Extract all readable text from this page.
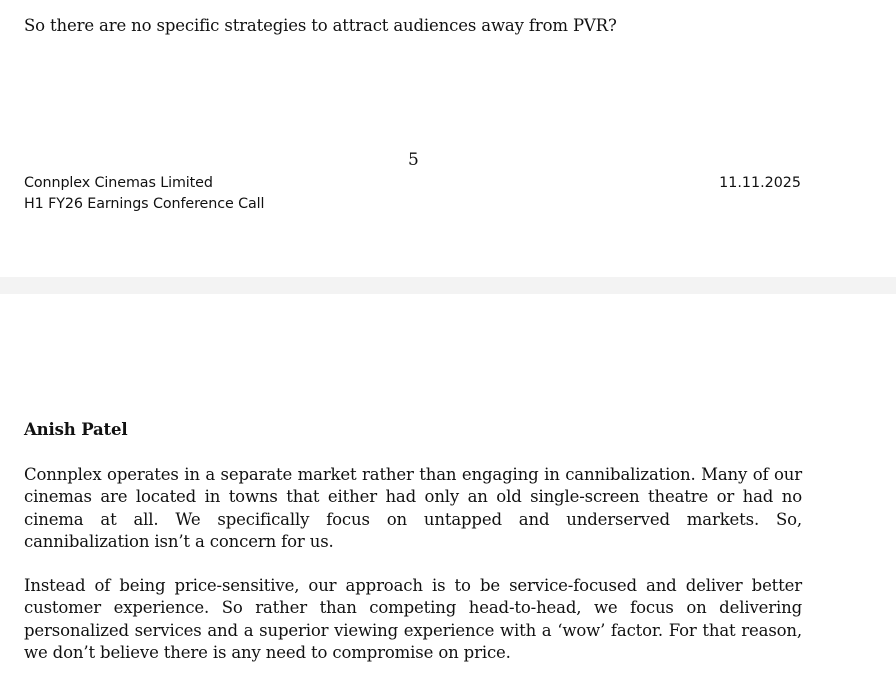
So there are no specific strategies to attract audiences away from PVR?
5
Connplex Cinemas Limited
H1 FY26 Earnings Conference Call
11.11.2025
Anish Patel

Connplex operates in a separate market rather than engaging in cannibalization. Many of our cinemas are located in towns that either had only an old single-screen theatre or had no cinema at all. We specifically focus on untapped and underserved markets. So, cannibalization isn’t a concern for us.

Instead of being price-sensitive, our approach is to be service-focused and deliver better customer experience. So rather than competing head-to-head, we focus on delivering personalized services and a superior viewing experience with a ‘wow’ factor. For that reason, we don’t believe there is any need to compromise on price.
